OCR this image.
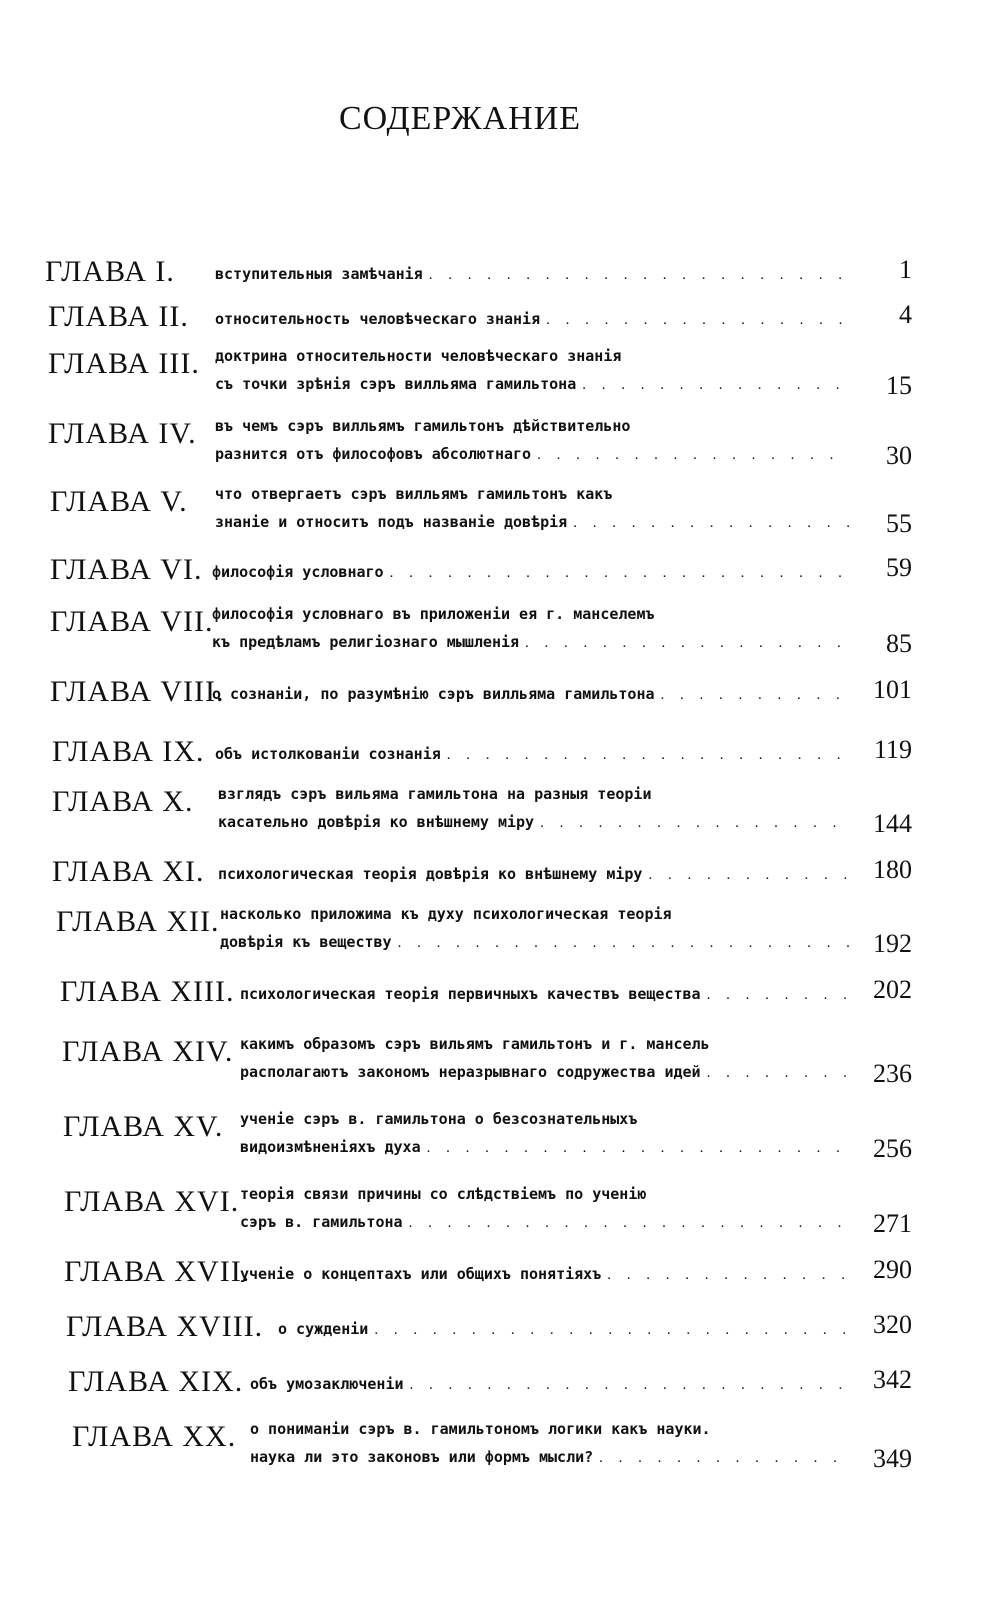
СОДЕРЖАНИЕ
ГЛАВА I.	вступительныя замѣчанiя . . .	1
ГЛАВА II. относительность человѣческаго знанiя . . .	4
ГЛАВА III. доктрина относительности человѣческаго знанiя
съ точки зрѣнiя сэръ вилльяма гамильтона . . .	15
ГЛАВА IV. въ чемъ сэръ вилльямъ гамильтонъ дѣйствительно
разнится отъ философовъ абсолютнаго . . .	30
ГЛАВА V. что отвергаетъ сэръ вилльямъ гамильтонъ какъ
знанiе и относитъ подъ названiе довѣрiя . . .	55
ГЛАВА VI. философiя условнаго . . .	59
ГЛАВА VII.
философiя условнаго въ приложенiи ея г. манселемъ
къ предѣламъ религiознаго мышленiя . . .	85
ГЛАВА VIII.
о сознанiи, по разумѣнiю сэръ вилльяма гамильтона . . .	101
ГЛАВА IX. объ истолкованiи сознанiя . . .	119
ГЛАВА X. взглядъ сэръ вильяма гамильтона на разныя теорiи
касательно довѣрiя ко внѣшнему мiру . . .	144
ГЛАВА XI. психологическая теорiя довѣрiя ко внѣшнему мiру . . .	180
ГЛАВА XII. насколько приложима къ духу психологическая теорiя
довѣрiя къ веществу . . .	192
ГЛАВА XIII. психологическая теорiя первичныхъ качествъ вещества . . .	202
ГЛАВА XIV. какимъ образомъ сэръ вильямъ гамильтонъ и г. мансель
располагаютъ закономъ неразрывнаго содружества идей . . .	236
ГЛАВА XV. ученiе сэръ в. гамильтона о безсознательныхъ
видоизмѣненiяхъ духа . . .	256
ГЛАВА XVI. теорiя связи причины со слѣдствiемъ по ученiю
сэръ в. гамильтона . . .	271
ГЛАВА XVII.
ученiе о концептахъ или общихъ понятiяхъ . . .	290
ГЛАВА XVIII. о сужденiи . . .	320
ГЛАВА XIX. объ умозаключенiи . . .	342
ГЛАВА XX. о пониманiи сэръ в. гамильтономъ логики какъ науки.
наука ли это законовъ или формъ мысли? . . .	349
